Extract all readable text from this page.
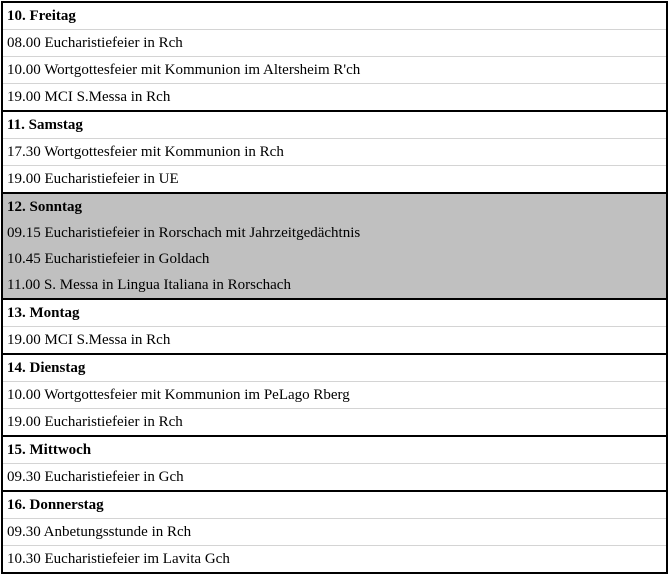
10. Freitag
08.00 Eucharistiefeier in Rch
10.00 Wortgottesfeier mit Kommunion im Altersheim R'ch
19.00 MCI S.Messa in Rch
11. Samstag
17.30 Wortgottesfeier mit Kommunion in Rch
19.00 Eucharistiefeier in UE
12. Sonntag
09.15 Eucharistiefeier in Rorschach mit Jahrzeitgedächtnis
10.45 Eucharistiefeier in Goldach
11.00 S. Messa in Lingua Italiana in Rorschach
13. Montag
19.00 MCI S.Messa in Rch
14. Dienstag
10.00 Wortgottesfeier mit Kommunion im PeLago Rberg
19.00 Eucharistiefeier in Rch
15. Mittwoch
09.30 Eucharistiefeier in Gch
16. Donnerstag
09.30 Anbetungsstunde in Rch
10.30 Eucharistiefeier im Lavita Gch
